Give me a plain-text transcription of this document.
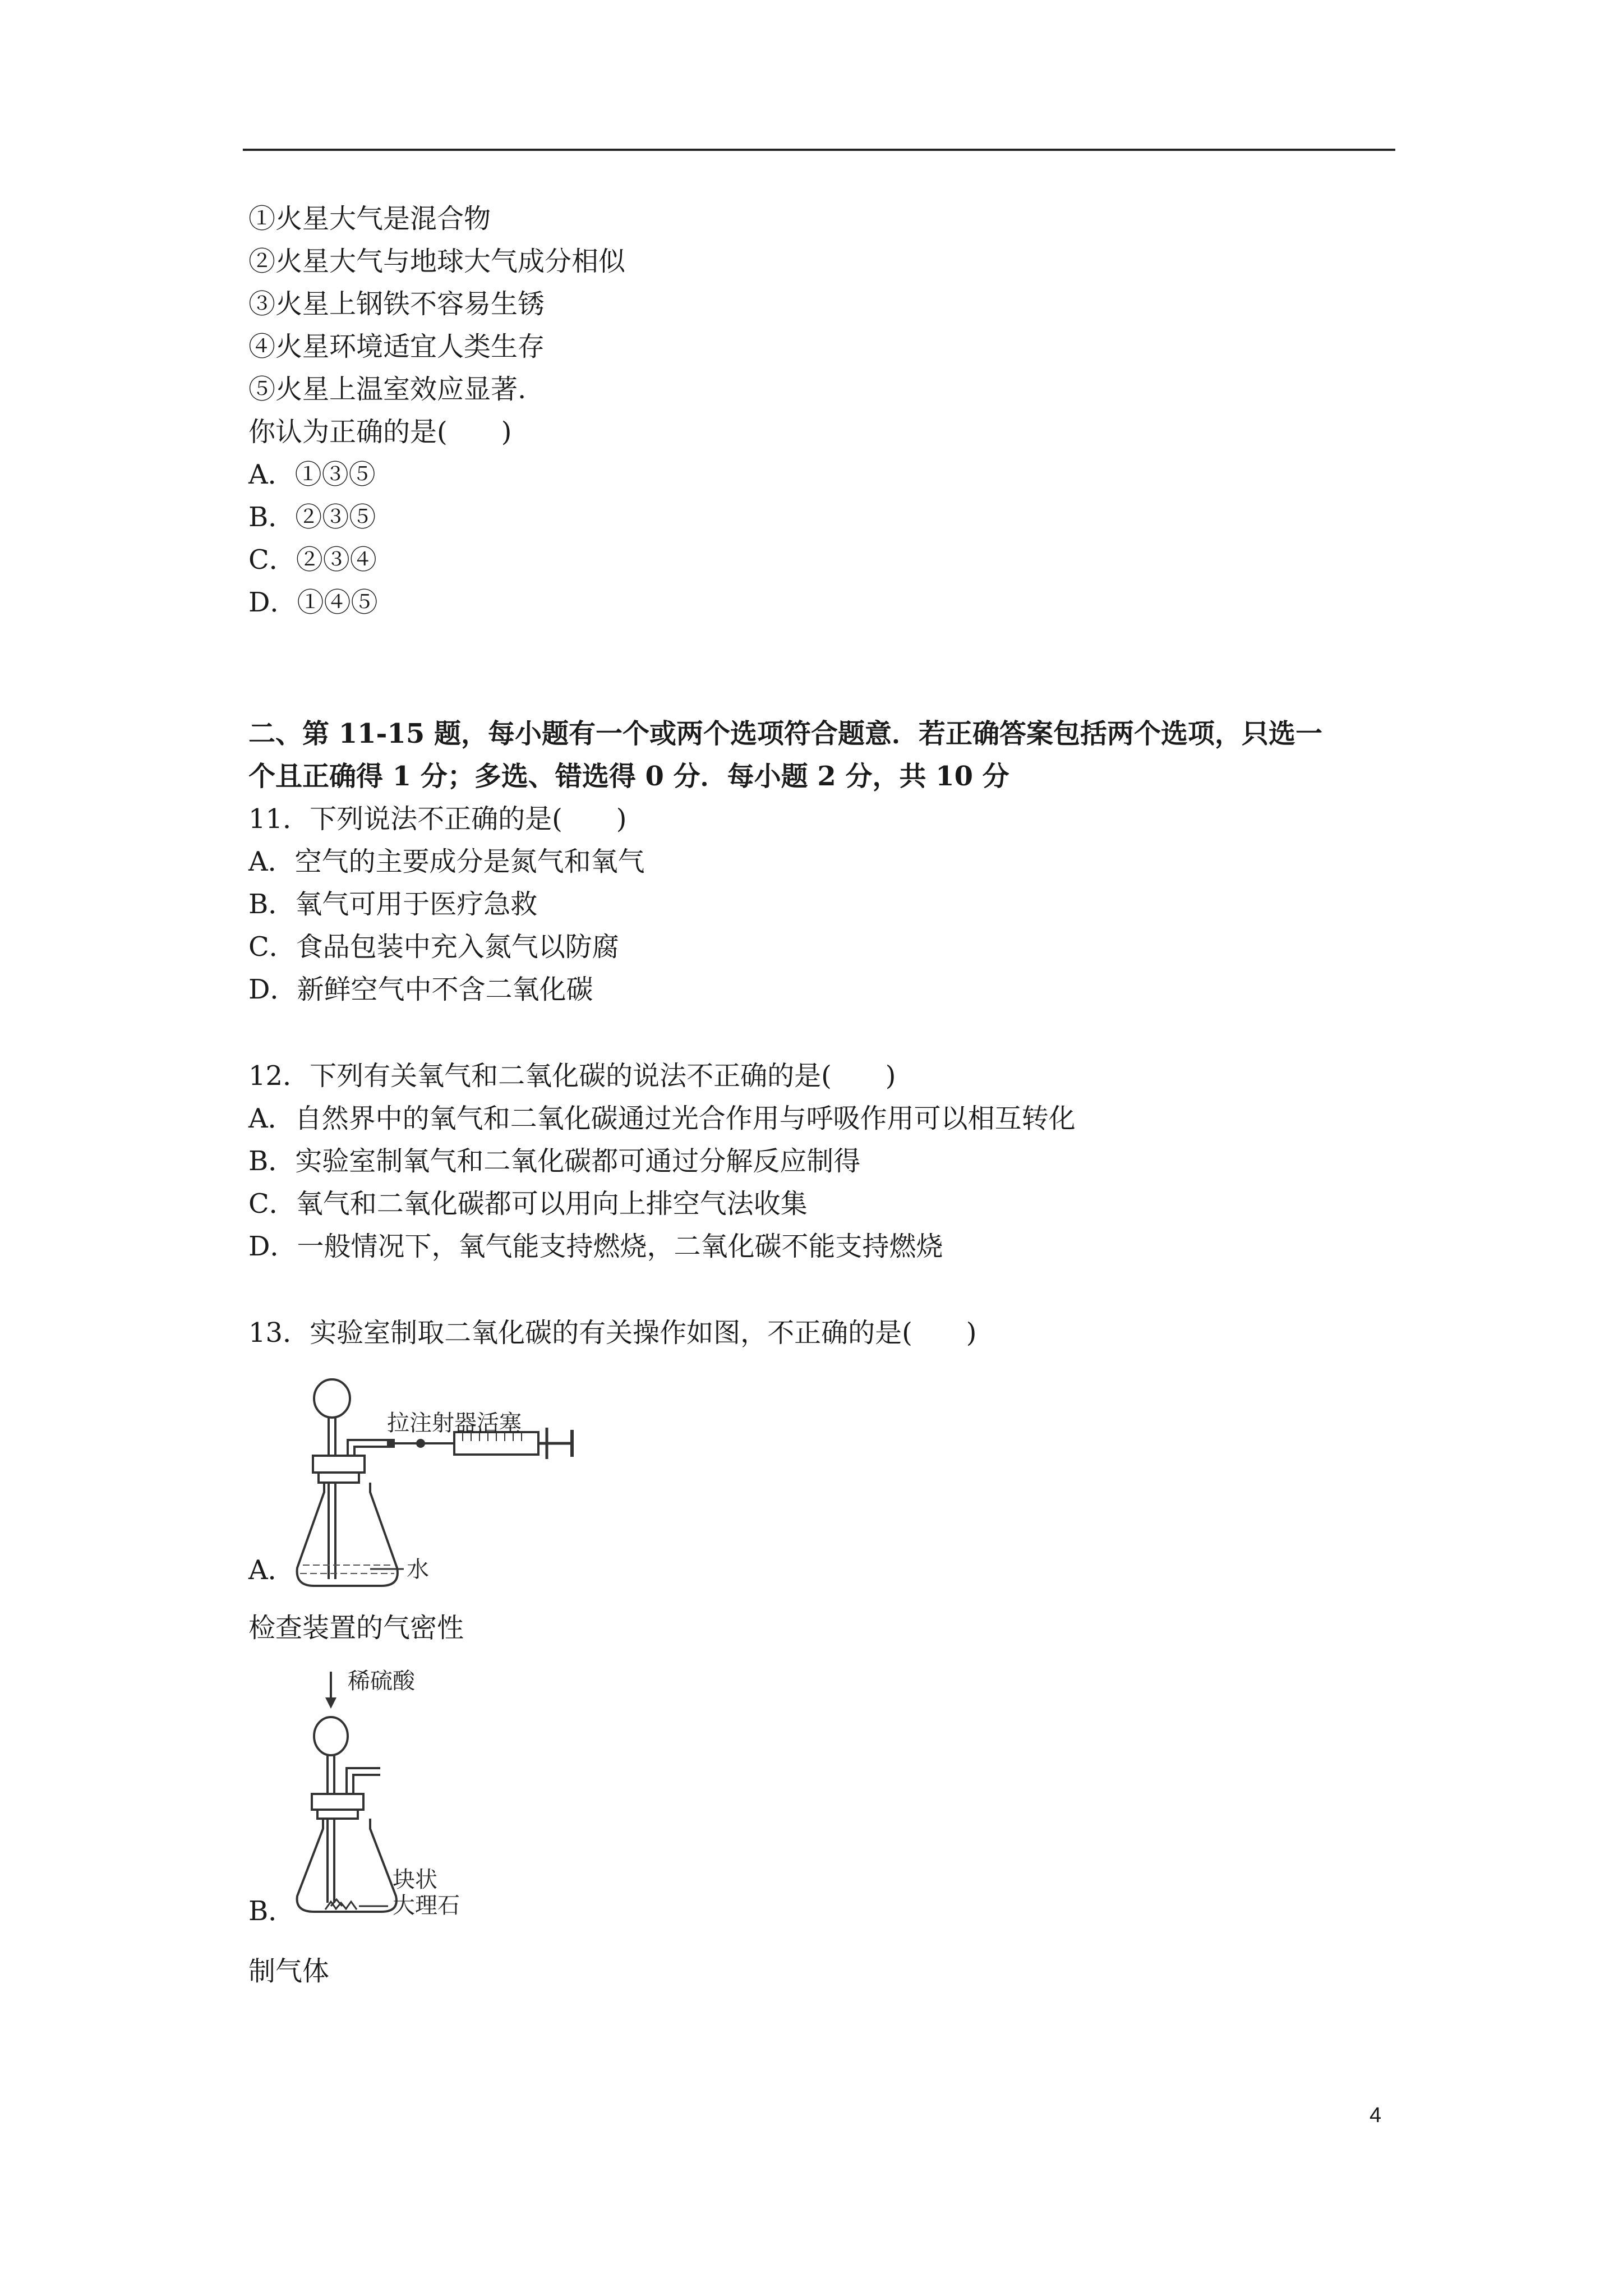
①火星大气是混合物
②火星大气与地球大气成分相似
③火星上钢铁不容易生锈
④火星环境适宜人类生存
⑤火星上温室效应显著.
你认为正确的是(　　)
A．①③⑤
B．②③⑤
C．②③④
D．①④⑤
二、第 11-15 题，每小题有一个或两个选项符合题意．若正确答案包括两个选项，只选一
个且正确得 1 分；多选、错选得 0 分．每小题 2 分，共 10 分
11．下列说法不正确的是(　　)
A．空气的主要成分是氮气和氧气
B．氧气可用于医疗急救
C．食品包装中充入氮气以防腐
D．新鲜空气中不含二氧化碳
12．下列有关氧气和二氧化碳的说法不正确的是(　　)
A．自然界中的氧气和二氧化碳通过光合作用与呼吸作用可以相互转化
B．实验室制氧气和二氧化碳都可通过分解反应制得
C．氧气和二氧化碳都可以用向上排空气法收集
D．一般情况下，氧气能支持燃烧，二氧化碳不能支持燃烧
13．实验室制取二氧化碳的有关操作如图，不正确的是(　　)
拉注射器活塞
水
A．
检查装置的气密性
稀硫酸
块状
大理石
B．
制气体
4
